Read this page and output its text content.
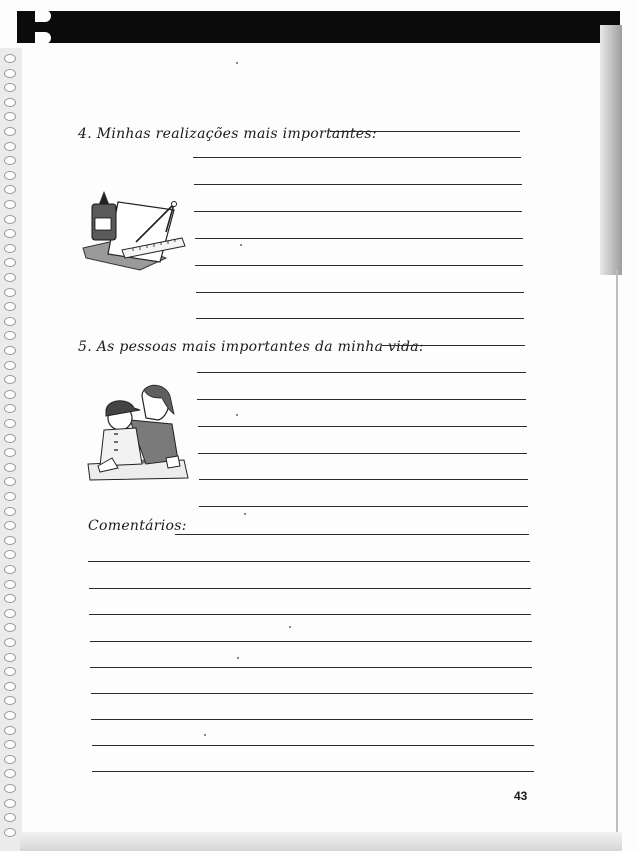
4. Minhas realizações mais importantes:
5. As pessoas mais importantes da minha vida:
Comentários:
43
